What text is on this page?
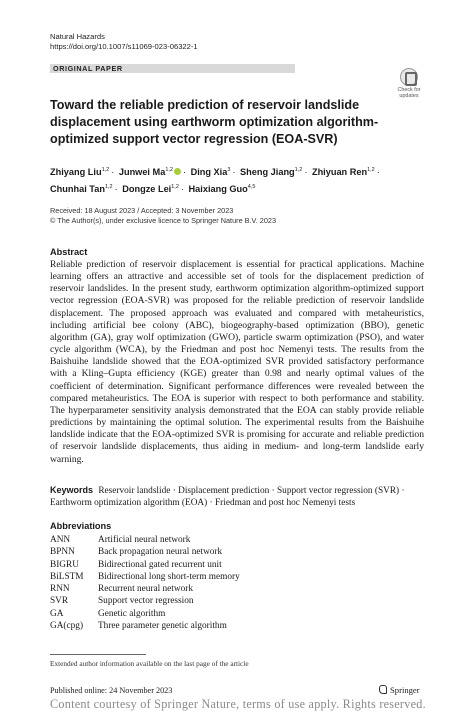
Natural Hazards
https://doi.org/10.1007/s11069-023-06322-1
ORIGINAL PAPER
Check for updates
Toward the reliable prediction of reservoir landslide displacement using earthworm optimization algorithm-optimized support vector regression (EOA-SVR)
Zhiyang Liu$^{1,2}$ · Junwei Ma$^{1,2}$ · Ding Xia$^3$ · Sheng Jiang$^{1,2}$ · Zhiyuan Ren$^{1,2}$ ·
Chunhai Tan$^{1,2}$ · Dongze Lei$^{1,2}$ · Haixiang Guo$^{4,5}$
Received: 18 August 2023 / Accepted: 3 November 2023
© The Author(s), under exclusive licence to Springer Nature B.V. 2023
Abstract
Reliable prediction of reservoir displacement is essential for practical applications. Machine learning offers an attractive and accessible set of tools for the displacement prediction of reservoir landslides. In the present study, earthworm optimization algorithm-optimized support vector regression (EOA-SVR) was proposed for the reliable prediction of reservoir landslide displacement. The proposed approach was evaluated and compared with metaheuristics, including artificial bee colony (ABC), biogeography-based optimization (BBO), genetic algorithm (GA), gray wolf optimization (GWO), particle swarm optimization (PSO), and water cycle algorithm (WCA), by the Friedman and post hoc Nemenyi tests. The results from the Baishuihe landslide showed that the EOA-optimized SVR provided satisfactory performance with a Kling–Gupta efficiency (KGE) greater than 0.98 and nearly optimal values of the coefficient of determination. Significant performance differences were revealed between the compared metaheuristics. The EOA is superior with respect to both performance and stability. The hyperparameter sensitivity analysis demonstrated that the EOA can stably provide reliable predictions by maintaining the optimal solution. The experimental results from the Baishuihe landslide indicate that the EOA-optimized SVR is promising for accurate and reliable prediction of reservoir landslide displacements, thus aiding in medium- and long-term landslide early warning.
Keywords Reservoir landslide · Displacement prediction · Support vector regression (SVR) · Earthworm optimization algorithm (EOA) · Friedman and post hoc Nemenyi tests
Abbreviations
ANN	Artificial neural network
BPNN Back propagation neural network
BIGRU Bidirectional gated recurrent unit
BiLSTM Bidirectional long short-term memory
RNN	Recurrent neural network
SVR	Support vector regression
GA	Genetic algorithm
GA(cpg) Three parameter genetic algorithm
Extended author information available on the last page of the article
Published online: 24 November 2023	Springer
Content courtesy of Springer Nature, terms of use apply. Rights reserved.
